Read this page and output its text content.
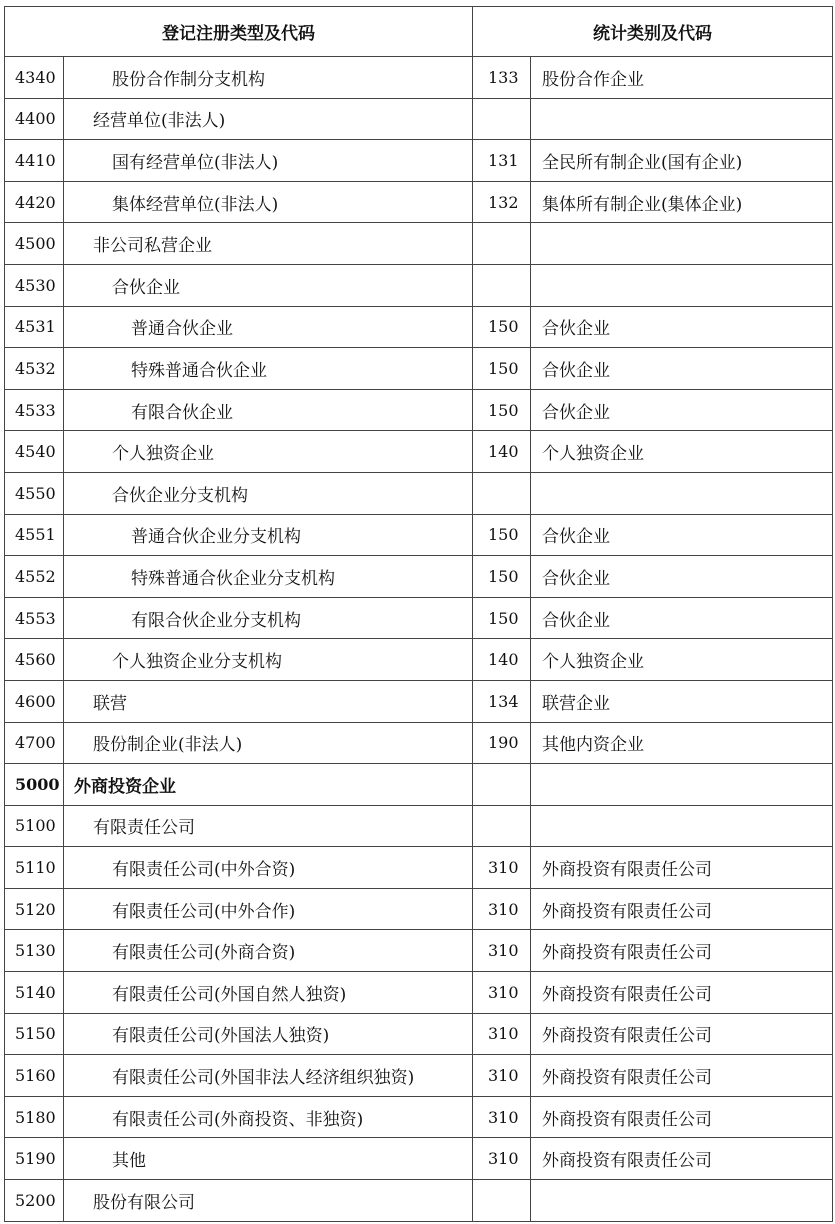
登记注册类型及代码		统计类别及代码	
4340	股份合作制分支机构	133	股份合作企业
4400	经营单位(非法人)		
4410	国有经营单位(非法人)	131	全民所有制企业(国有企业)
4420	集体经营单位(非法人)	132	集体所有制企业(集体企业)
4500	非公司私营企业		
4530	合伙企业		
4531	普通合伙企业	150	合伙企业
4532	特殊普通合伙企业	150	合伙企业
4533	有限合伙企业	150	合伙企业
4540	个人独资企业	140	个人独资企业
4550	合伙企业分支机构		
4551	普通合伙企业分支机构	150	合伙企业
4552	特殊普通合伙企业分支机构	150	合伙企业
4553	有限合伙企业分支机构	150	合伙企业
4560	个人独资企业分支机构	140	个人独资企业
4600	联营	134	联营企业
4700	股份制企业(非法人)	190	其他内资企业
5000	外商投资企业		
5100	有限责任公司		
5110	有限责任公司(中外合资)	310	外商投资有限责任公司
5120	有限责任公司(中外合作)	310	外商投资有限责任公司
5130	有限责任公司(外商合资)	310	外商投资有限责任公司
5140	有限责任公司(外国自然人独资)	310	外商投资有限责任公司
5150	有限责任公司(外国法人独资)	310	外商投资有限责任公司
5160	有限责任公司(外国非法人经济组织独资)	310	外商投资有限责任公司
5180	有限责任公司(外商投资、非独资)	310	外商投资有限责任公司
5190	其他	310	外商投资有限责任公司
5200	股份有限公司		
